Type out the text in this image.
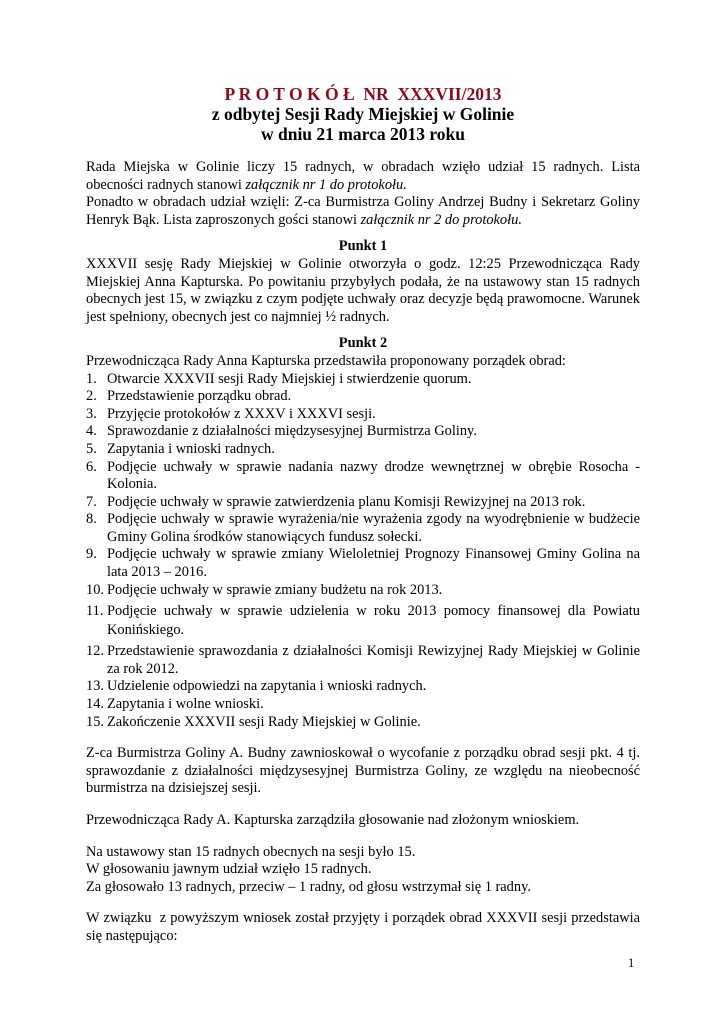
P R O T O K Ó Ł  NR  XXXVII/2013
z odbytej Sesji Rady Miejskiej w Golinie
w dniu 21 marca 2013 roku
Rada Miejska w Golinie liczy 15 radnych, w obradach wzięło udział 15 radnych. Lista obecności radnych stanowi załącznik nr 1 do protokołu.
Ponadto w obradach udział wzięli: Z-ca Burmistrza Goliny Andrzej Budny i Sekretarz Goliny Henryk Bąk. Lista zaproszonych gości stanowi załącznik nr 2 do protokołu.
Punkt 1
XXXVII sesję Rady Miejskiej w Golinie otworzyła o godz. 12:25 Przewodnicząca Rady Miejskiej Anna Kapturska. Po powitaniu przybyłych podała, że na ustawowy stan 15 radnych obecnych jest 15, w związku z czym podjęte uchwały oraz decyzje będą prawomocne. Warunek jest spełniony, obecnych jest co najmniej ½ radnych.
Punkt 2
Przewodnicząca Rady Anna Kapturska przedstawiła proponowany porządek obrad:
1. Otwarcie XXXVII sesji Rady Miejskiej i stwierdzenie quorum.
2. Przedstawienie porządku obrad.
3. Przyjęcie protokołów z XXXV i XXXVI sesji.
4. Sprawozdanie z działalności międzysesyjnej Burmistrza Goliny.
5. Zapytania i wnioski radnych.
6. Podjęcie uchwały w sprawie nadania nazwy drodze wewnętrznej w obrębie Rosocha - Kolonia.
7. Podjęcie uchwały w sprawie zatwierdzenia planu Komisji Rewizyjnej na 2013 rok.
8. Podjęcie uchwały w sprawie wyrażenia/nie wyrażenia zgody na wyodrębnienie w budżecie Gminy Golina środków stanowiących fundusz sołecki.
9. Podjęcie uchwały w sprawie zmiany Wieloletniej Prognozy Finansowej Gminy Golina na lata 2013 – 2016.
10. Podjęcie uchwały w sprawie zmiany budżetu na rok 2013.
11. Podjęcie uchwały w sprawie udzielenia w roku 2013 pomocy finansowej dla Powiatu Konińskiego.
12. Przedstawienie sprawozdania z działalności Komisji Rewizyjnej Rady Miejskiej w Golinie za rok 2012.
13. Udzielenie odpowiedzi na zapytania i wnioski radnych.
14. Zapytania i wolne wnioski.
15. Zakończenie XXXVII sesji Rady Miejskiej w Golinie.
Z-ca Burmistrza Goliny A. Budny zawnioskował o wycofanie z porządku obrad sesji pkt. 4 tj. sprawozdanie z działalności międzysesyjnej Burmistrza Goliny, ze względu na nieobecność burmistrza na dzisiejszej sesji.
Przewodnicząca Rady A. Kapturska zarządziła głosowanie nad złożonym wnioskiem.
Na ustawowy stan 15 radnych obecnych na sesji było 15.
W głosowaniu jawnym udział wzięło 15 radnych.
Za głosowało 13 radnych, przeciw – 1 radny, od głosu wstrzymał się 1 radny.
W związku  z powyższym wniosek został przyjęty i porządek obrad XXXVII sesji przedstawia się następująco:
1
